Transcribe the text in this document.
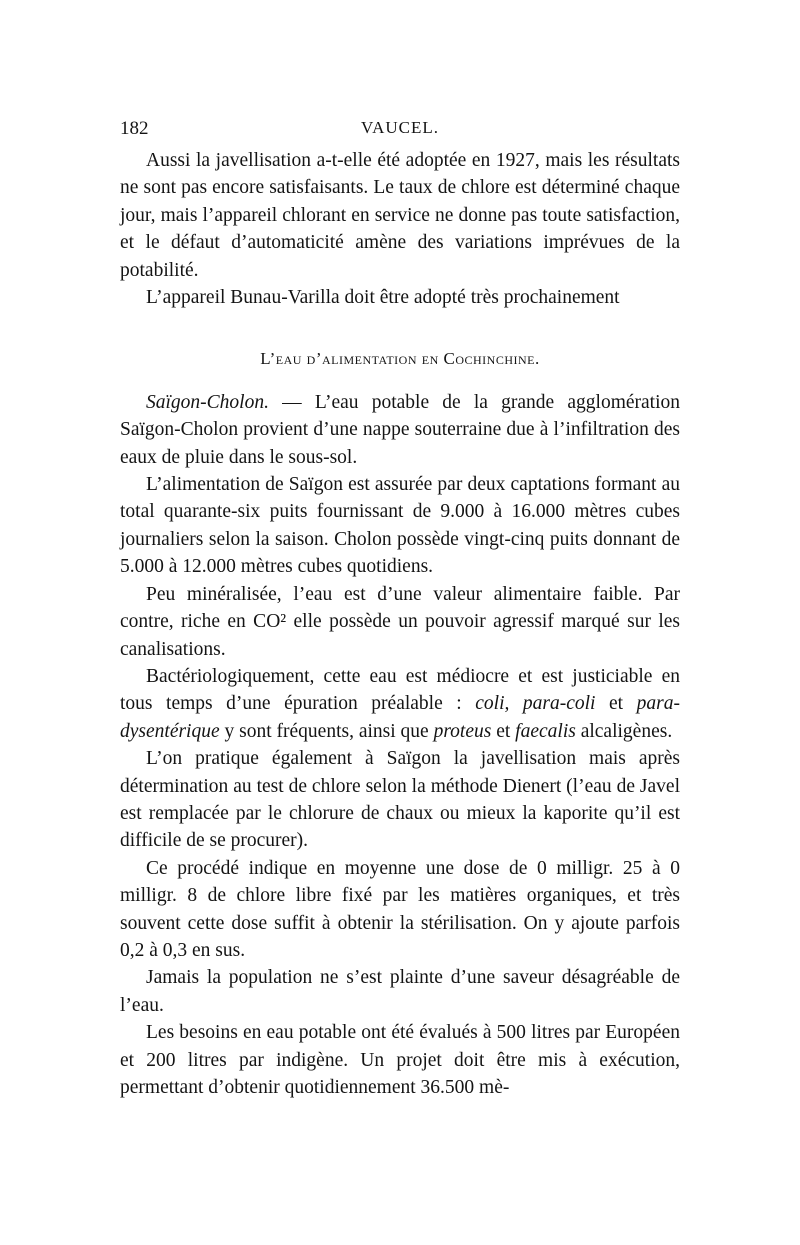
182	VAUCEL.

Aussi la javellisation a-t-elle été adoptée en 1927, mais les résultats ne sont pas encore satisfaisants. Le taux de chlore est déterminé chaque jour, mais l’appareil chlorant en service ne donne pas toute satisfaction, et le défaut d’automaticité amène des variations imprévues de la potabilité.

L’appareil Bunau-Varilla doit être adopté très prochainement

L’eau d’alimentation en Cochinchine.

Saïgon-Cholon. — L’eau potable de la grande agglomération Saïgon-Cholon provient d’une nappe souterraine due à l’infiltration des eaux de pluie dans le sous-sol.

L’alimentation de Saïgon est assurée par deux captations formant au total quarante-six puits fournissant de 9.000 à 16.000 mètres cubes journaliers selon la saison. Cholon possède vingt-cinq puits donnant de 5.000 à 12.000 mètres cubes quotidiens.

Peu minéralisée, l’eau est d’une valeur alimentaire faible. Par contre, riche en CO² elle possède un pouvoir agressif marqué sur les canalisations.

Bactériologiquement, cette eau est médiocre et est justiciable en tous temps d’une épuration préalable : coli, para-coli et para-dysentérique y sont fréquents, ainsi que proteus et faecalis alcaligènes.

L’on pratique également à Saïgon la javellisation mais après détermination au test de chlore selon la méthode Dienert (l’eau de Javel est remplacée par le chlorure de chaux ou mieux la kaporite qu’il est difficile de se procurer).

Ce procédé indique en moyenne une dose de 0 milligr. 25 à 0 milligr. 8 de chlore libre fixé par les matières organiques, et très souvent cette dose suffit à obtenir la stérilisation. On y ajoute parfois 0,2 à 0,3 en sus.

Jamais la population ne s’est plainte d’une saveur désagréable de l’eau.

Les besoins en eau potable ont été évalués à 500 litres par Européen et 200 litres par indigène. Un projet doit être mis à exécution, permettant d’obtenir quotidiennement 36.500 mè-
